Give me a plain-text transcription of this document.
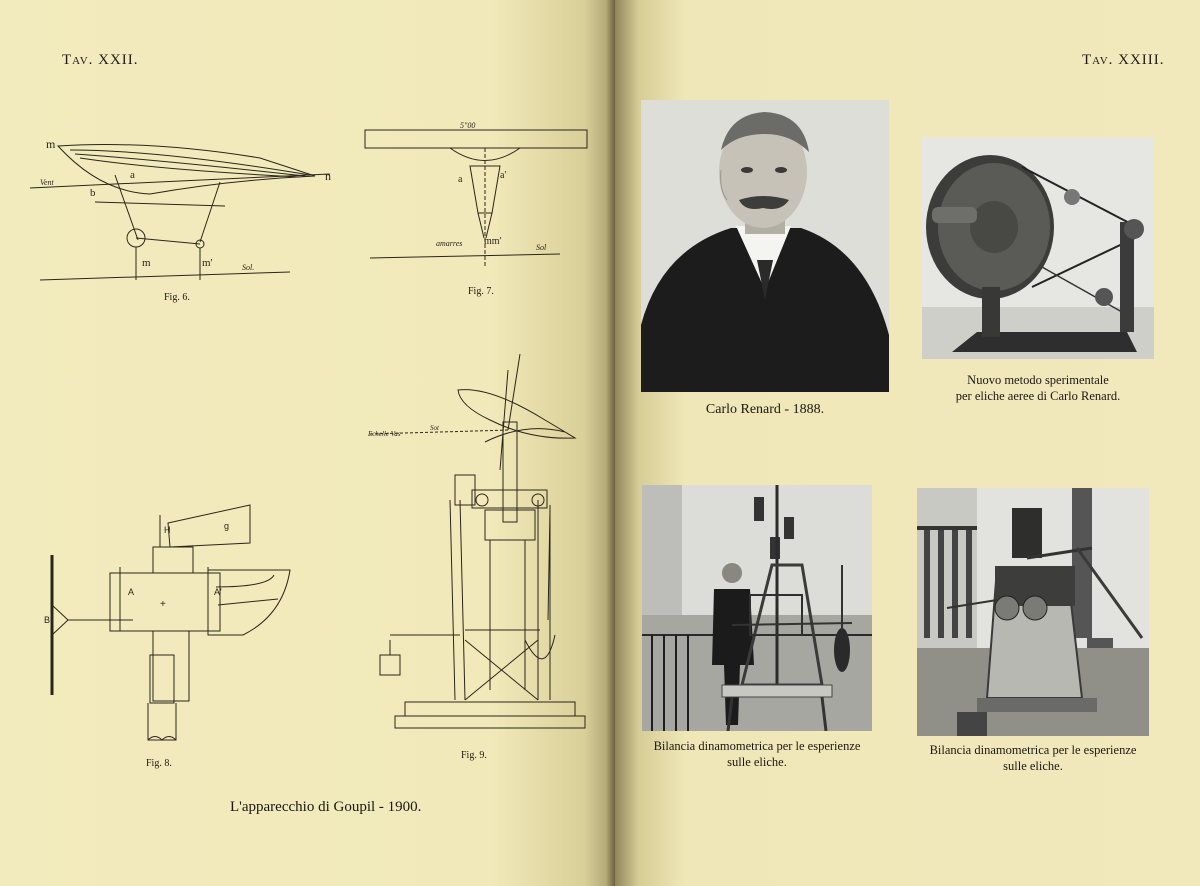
Tav. XXII.
m
n
a
b
Vent
m	m'	Sol.
Fig. 6.
5"00
a	a'
mm'
amarres	Sol
Fig. 7.
H	g
B
A	A'
+
Fig. 8.
Echelle Vas
Sot
Fig. 9.
L'apparecchio di Goupil - 1900.
Tav. XXIII.
Carlo Renard - 1888.
Nuovo metodo sperimentale
per eliche aeree di Carlo Renard.
Bilancia dinamometrica per le esperienze
sulle eliche.
Bilancia dinamometrica per le esperienze
sulle eliche.
